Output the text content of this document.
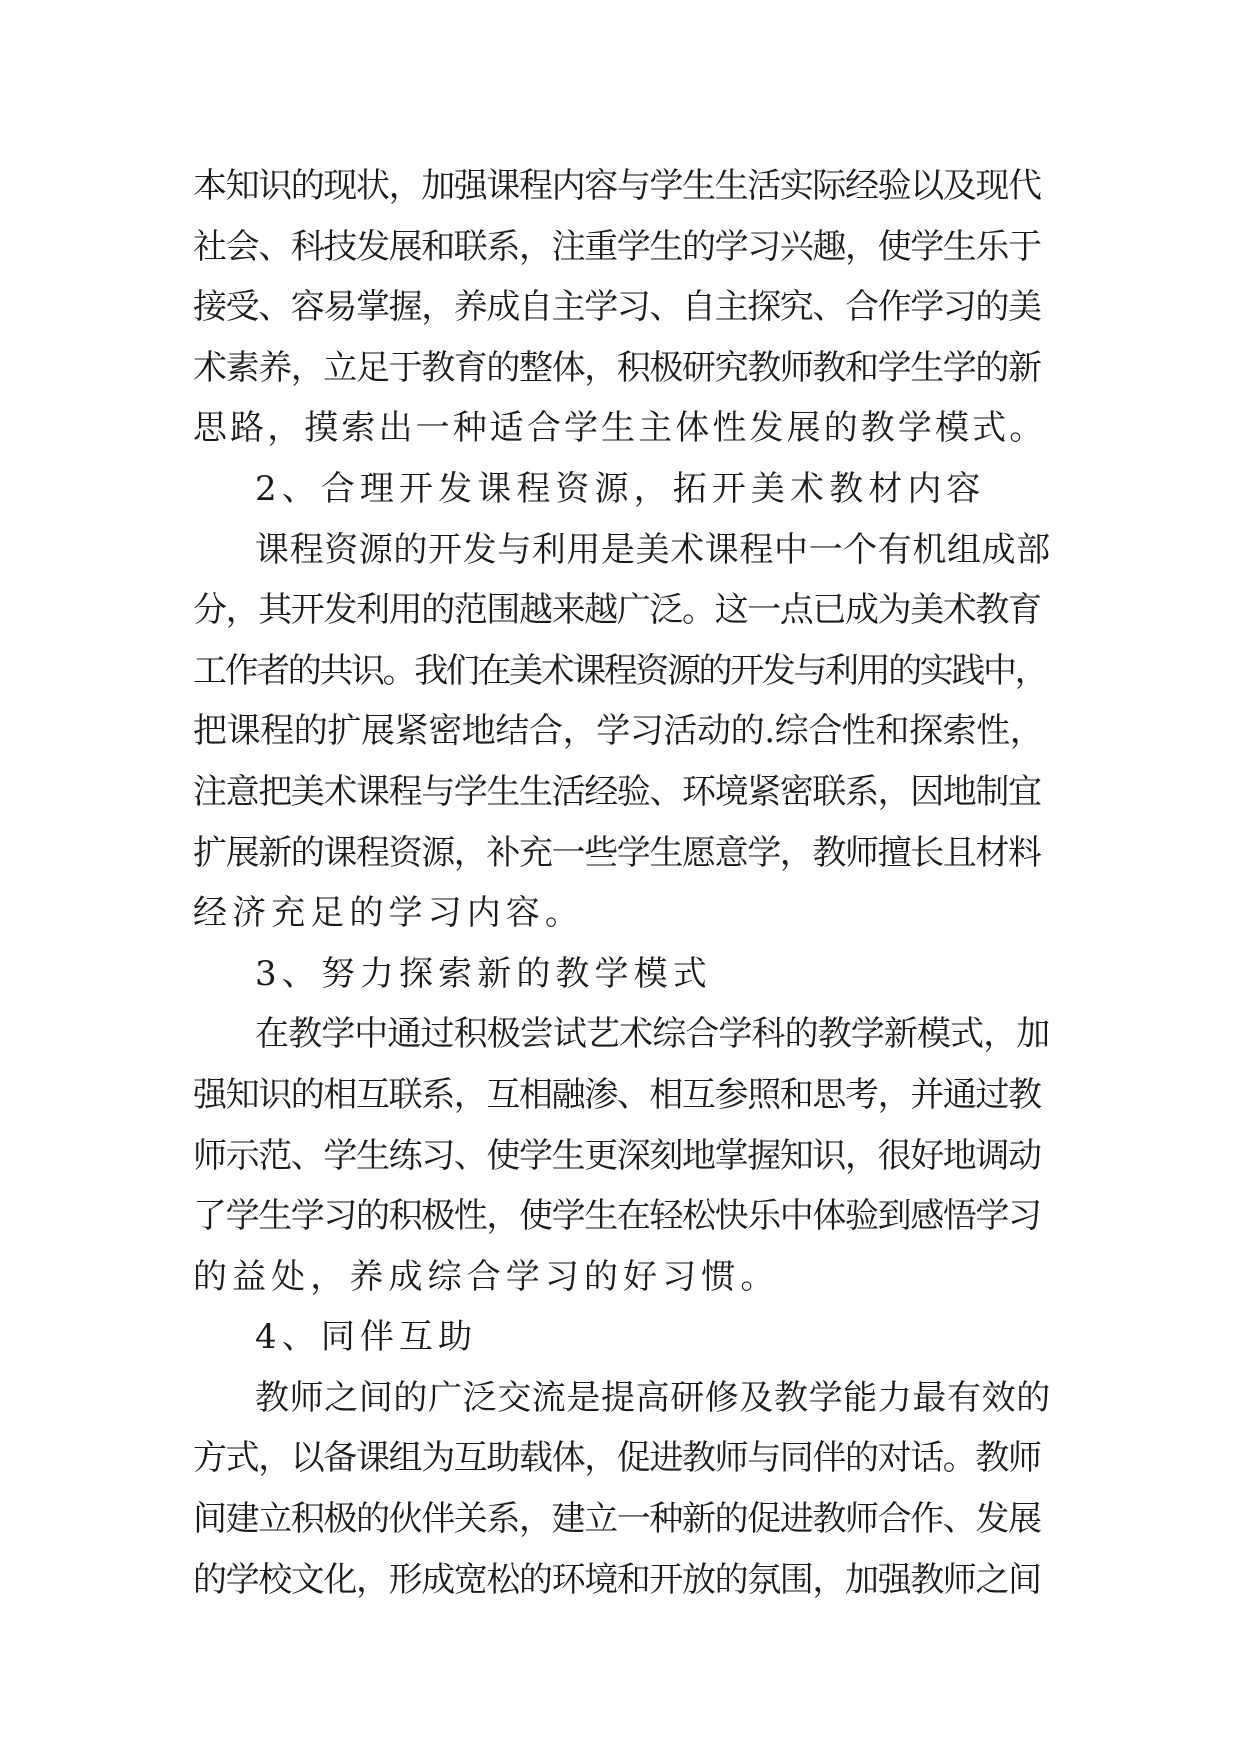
本知识的现状，加强课程内容与学生生活实际经验以及现代
社会、科技发展和联系，注重学生的学习兴趣，使学生乐于
接受、容易掌握，养成自主学习、自主探究、合作学习的美
术素养，立足于教育的整体，积极研究教师教和学生学的新
思路，摸索出一种适合学生主体性发展的教学模式。
2、合理开发课程资源，拓开美术教材内容
课程资源的开发与利用是美术课程中一个有机组成部
分，其开发利用的范围越来越广泛。这一点已成为美术教育
工作者的共识。我们在美术课程资源的开发与利用的实践中，
把课程的扩展紧密地结合，学习活动的.综合性和探索性，
注意把美术课程与学生生活经验、环境紧密联系，因地制宜
扩展新的课程资源，补充一些学生愿意学，教师擅长且材料
经济充足的学习内容。
3、努力探索新的教学模式
在教学中通过积极尝试艺术综合学科的教学新模式，加
强知识的相互联系，互相融渗、相互参照和思考，并通过教
师示范、学生练习、使学生更深刻地掌握知识，很好地调动
了学生学习的积极性，使学生在轻松快乐中体验到感悟学习
的益处，养成综合学习的好习惯。
4、同伴互助
教师之间的广泛交流是提高研修及教学能力最有效的
方式，以备课组为互助载体，促进教师与同伴的对话。教师
间建立积极的伙伴关系，建立一种新的促进教师合作、发展
的学校文化，形成宽松的环境和开放的氛围，加强教师之间
